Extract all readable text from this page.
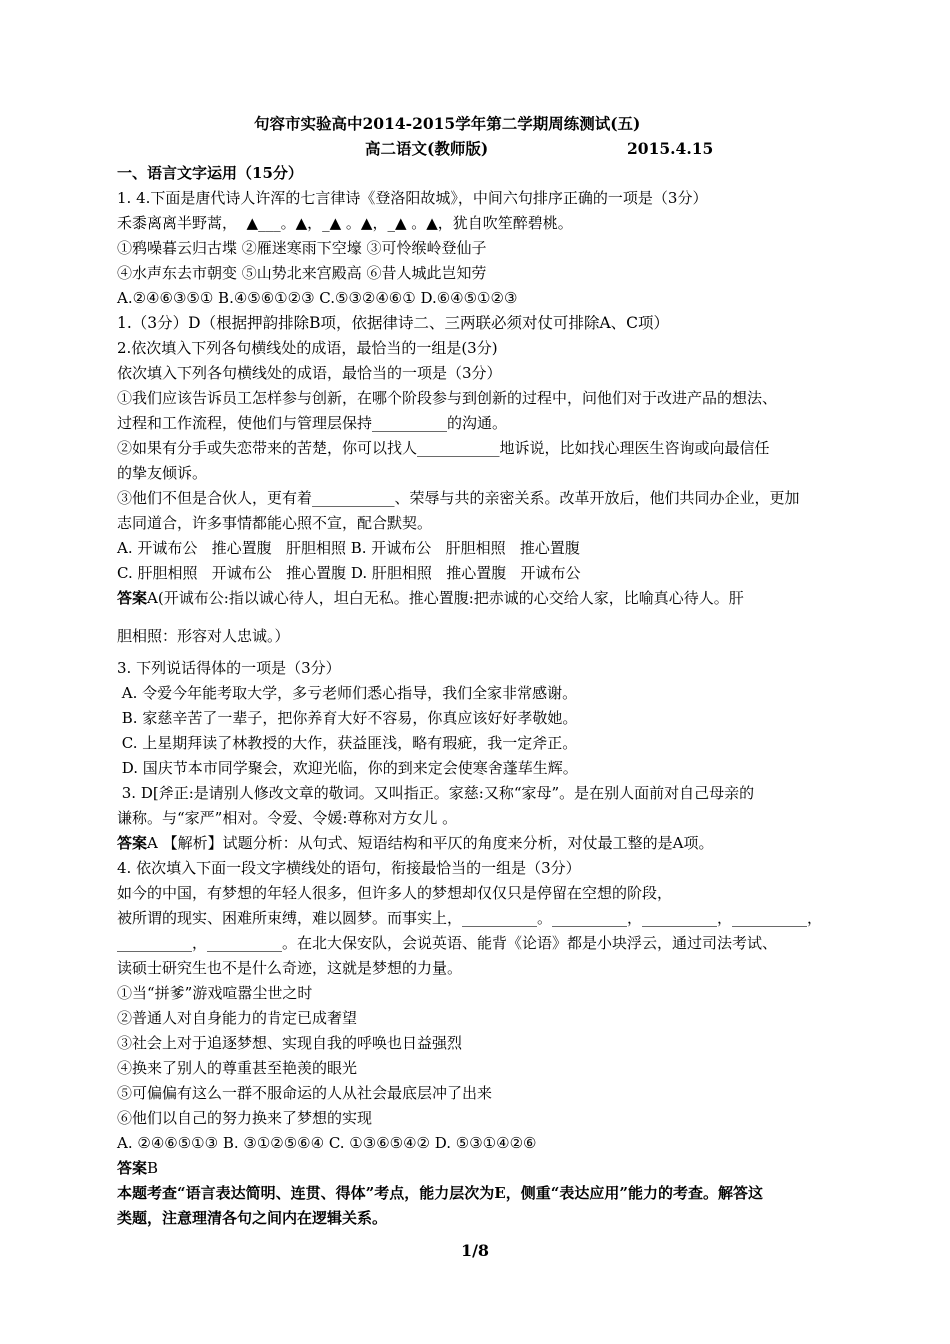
句容市实验高中2014-2015学年第二学期周练测试(五)
高二语文(教师版)	2015.4.15
一、语言文字运用（15分）
1. 4.下面是唐代诗人许浑的七言律诗《登洛阳故城》，中间六句排序正确的一项是（3分）
禾黍离离半野蒿，  ▲___。▲，_▲ 。▲，_▲ 。▲，犹自吹笙醉碧桃。
①鸦噪暮云归古堞 ②雁迷寒雨下空壕 ③可怜缑岭登仙子
④水声东去市朝变 ⑤山势北来宫殿高 ⑥昔人城此岂知劳
A.②④⑥③⑤① B.④⑤⑥①②③ C.⑤③②④⑥① D.⑥④⑤①②③
1.（3分）D（根据押韵排除B项，依据律诗二、三两联必须对仗可排除A、C项）
2.依次填入下列各句横线处的成语，最恰当的一组是(3分)
依次填入下列各句横线处的成语，最恰当的一项是（3分）
①我们应该告诉员工怎样参与创新，在哪个阶段参与到创新的过程中，问他们对于改进产品的想法、
过程和工作流程，使他们与管理层保持__________的沟通。
②如果有分手或失恋带来的苦楚，你可以找人___________地诉说，比如找心理医生咨询或向最信任
的挚友倾诉。
③他们不但是合伙人，更有着___________、荣辱与共的亲密关系。改革开放后，他们共同办企业，更加
志同道合，许多事情都能心照不宣，配合默契。
A. 开诚布公   推心置腹   肝胆相照 B. 开诚布公   肝胆相照   推心置腹
C. 肝胆相照   开诚布公   推心置腹 D. 肝胆相照   推心置腹   开诚布公
答案A(开诚布公:指以诚心待人，坦白无私。推心置腹:把赤诚的心交给人家，比喻真心待人。肝
胆相照：形容对人忠诚。）
3. 下列说话得体的一项是（3分）
A. 令爱今年能考取大学，多亏老师们悉心指导，我们全家非常感谢。
B. 家慈辛苦了一辈子，把你养育大好不容易，你真应该好好孝敬她。
C. 上星期拜读了林教授的大作，获益匪浅，略有瑕疵，我一定斧正。
D. 国庆节本市同学聚会，欢迎光临，你的到来定会使寒舍蓬荜生辉。
3. D[斧正:是请别人修改文章的敬词。又叫指正。家慈:又称“家母”。是在别人面前对自己母亲的
谦称。与“家严”相对。令爱、令媛:尊称对方女儿 。
答案A 【解析】试题分析：从句式、短语结构和平仄的角度来分析，对仗最工整的是A项。
4. 依次填入下面一段文字横线处的语句，衔接最恰当的一组是（3分）
如今的中国，有梦想的年轻人很多，但许多人的梦想却仅仅只是停留在空想的阶段，
被所谓的现实、困难所束缚，难以圆梦。而事实上，__________。__________，__________，__________，
__________，__________。在北大保安队，会说英语、能背《论语》都是小块浮云，通过司法考试、
读硕士研究生也不是什么奇迹，这就是梦想的力量。
①当“拼爹”游戏喧嚣尘世之时
②普通人对自身能力的肯定已成奢望
③社会上对于追逐梦想、实现自我的呼唤也日益强烈
④换来了别人的尊重甚至艳羡的眼光
⑤可偏偏有这么一群不服命运的人从社会最底层冲了出来
⑥他们以自己的努力换来了梦想的实现
A. ②④⑥⑤①③ B. ③①②⑤⑥④ C. ①③⑥⑤④② D. ⑤③①④②⑥
答案B
本题考查“语言表达简明、连贯、得体”考点，能力层次为E，侧重“表达应用”能力的考查。解答这
类题，注意理清各句之间内在逻辑关系。
1/8
